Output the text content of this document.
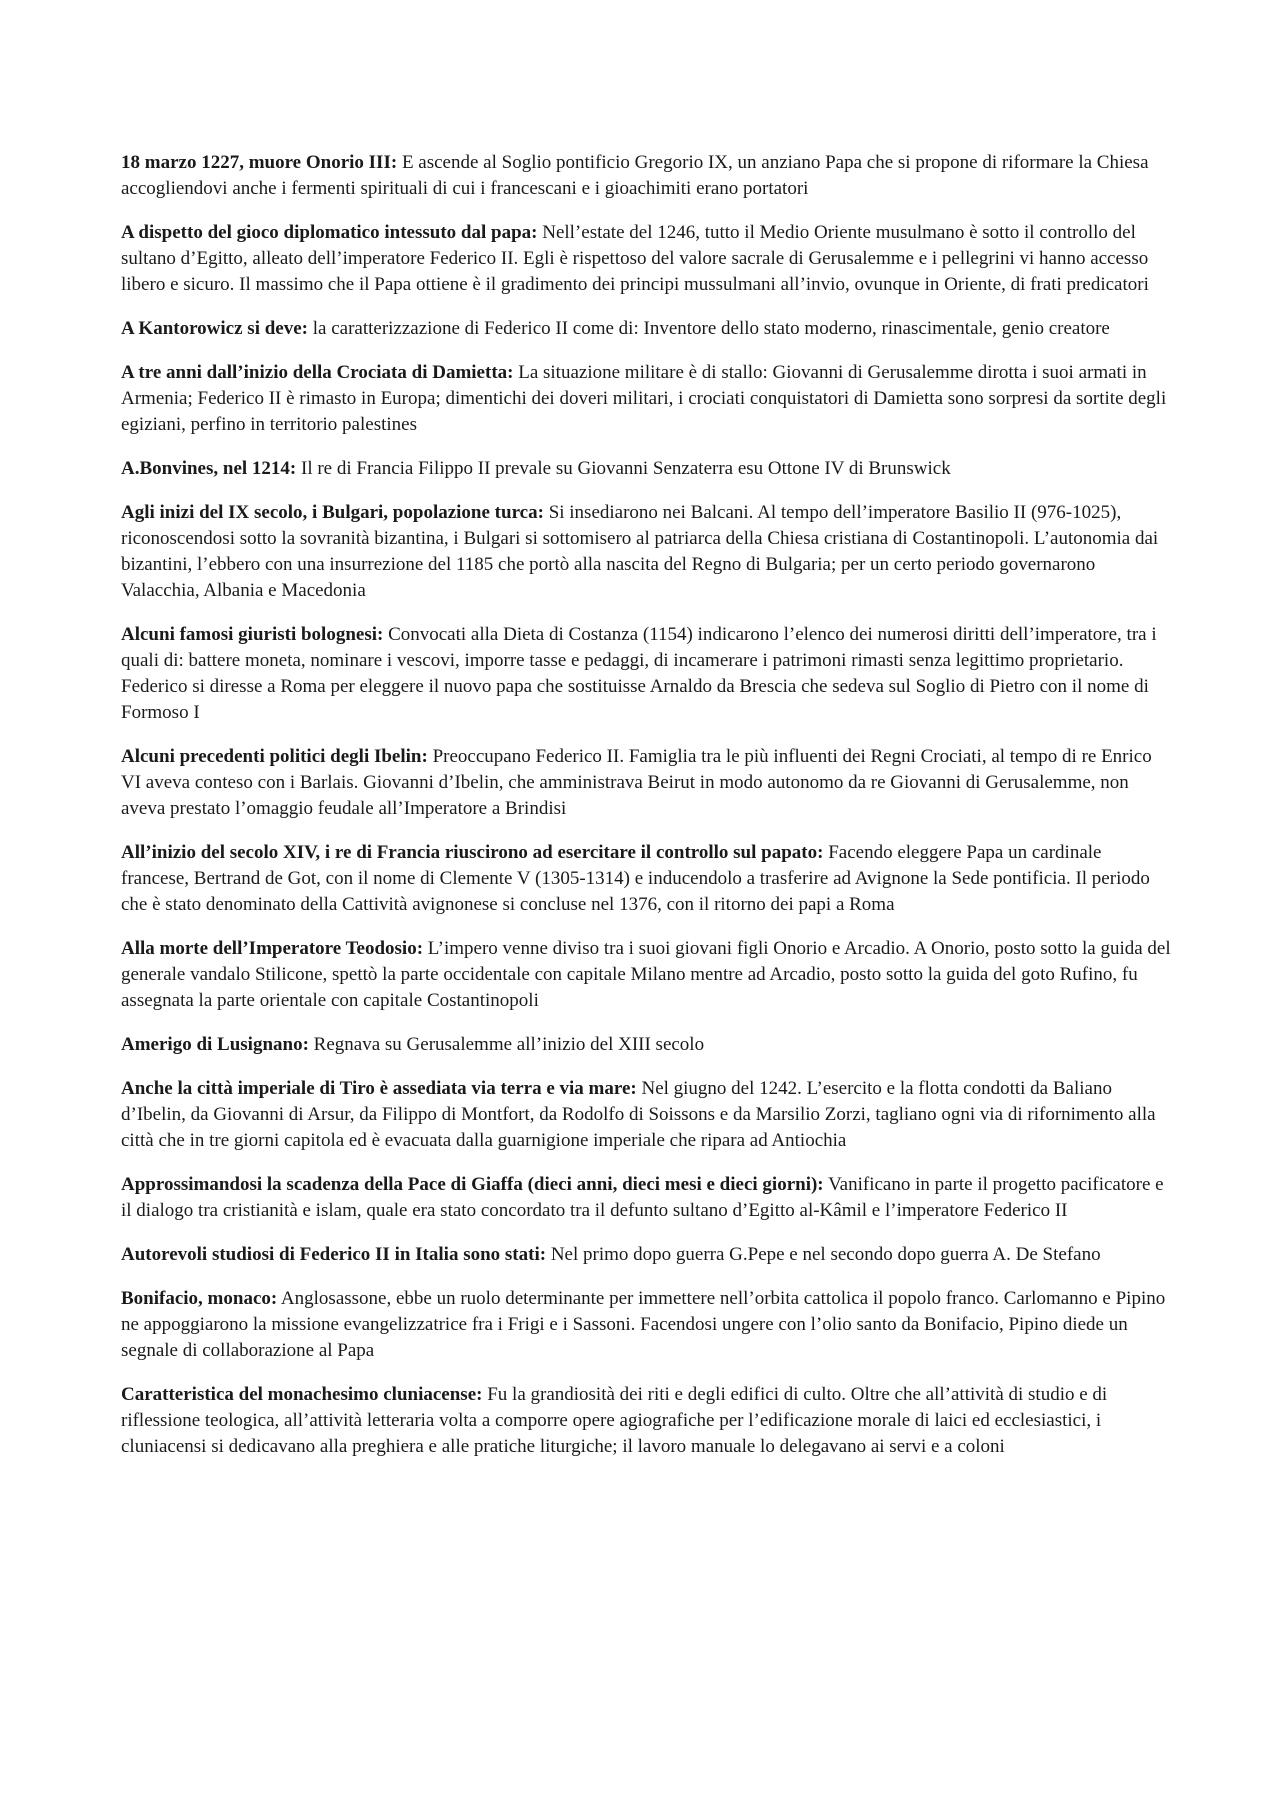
18 marzo 1227, muore Onorio III: E ascende al Soglio pontificio Gregorio IX, un anziano Papa che si propone di riformare la Chiesa accogliendovi anche i fermenti spirituali di cui i francescani e i gioachimiti erano portatori

A dispetto del gioco diplomatico intessuto dal papa: Nell’estate del 1246, tutto il Medio Oriente musulmano è sotto il controllo del sultano d’Egitto, alleato dell’imperatore Federico II. Egli è rispettoso del valore sacrale di Gerusalemme e i pellegrini vi hanno accesso libero e sicuro. Il massimo che il Papa ottiene è il gradimento dei principi mussulmani all’invio, ovunque in Oriente, di frati predicatori

A Kantorowicz si deve: la caratterizzazione di Federico II come di: Inventore dello stato moderno, rinascimentale, genio creatore

A tre anni dall’inizio della Crociata di Damietta: La situazione militare è di stallo: Giovanni di Gerusalemme dirotta i suoi armati in Armenia; Federico II è rimasto in Europa; dimentichi dei doveri militari, i crociati conquistatori di Damietta sono sorpresi da sortite degli egiziani, perfino in territorio palestines

A.Bonvines, nel 1214: Il re di Francia Filippo II prevale su Giovanni Senzaterra esu Ottone IV di Brunswick

Agli inizi del IX secolo, i Bulgari, popolazione turca: Si insediarono nei Balcani. Al tempo dell’imperatore Basilio II (976-1025), riconoscendosi sotto la sovranità bizantina, i Bulgari si sottomisero al patriarca della Chiesa cristiana di Costantinopoli. L’autonomia dai bizantini, l’ebbero con una insurrezione del 1185 che portò alla nascita del Regno di Bulgaria; per un certo periodo governarono Valacchia, Albania e Macedonia

Alcuni famosi giuristi bolognesi: Convocati alla Dieta di Costanza (1154) indicarono l’elenco dei numerosi diritti dell’imperatore, tra i quali di: battere moneta, nominare i vescovi, imporre tasse e pedaggi, di incamerare i patrimoni rimasti senza legittimo proprietario. Federico si diresse a Roma per eleggere il nuovo papa che sostituisse Arnaldo da Brescia che sedeva sul Soglio di Pietro con il nome di Formoso I

Alcuni precedenti politici degli Ibelin: Preoccupano Federico II. Famiglia tra le più influenti dei Regni Crociati, al tempo di re Enrico VI aveva conteso con i Barlais. Giovanni d’Ibelin, che amministrava Beirut in modo autonomo da re Giovanni di Gerusalemme, non aveva prestato l’omaggio feudale all’Imperatore a Brindisi

All’inizio del secolo XIV, i re di Francia riuscirono ad esercitare il controllo sul papato: Facendo eleggere Papa un cardinale francese, Bertrand de Got, con il nome di Clemente V (1305-1314) e inducendolo a trasferire ad Avignone la Sede pontificia. Il periodo che è stato denominato della Cattività avignonese si concluse nel 1376, con il ritorno dei papi a Roma

Alla morte dell’Imperatore Teodosio: L’impero venne diviso tra i suoi giovani figli Onorio e Arcadio. A Onorio, posto sotto la guida del generale vandalo Stilicone, spettò la parte occidentale con capitale Milano mentre ad Arcadio, posto sotto la guida del goto Rufino, fu assegnata la parte orientale con capitale Costantinopoli

Amerigo di Lusignano: Regnava su Gerusalemme all’inizio del XIII secolo

Anche la città imperiale di Tiro è assediata via terra e via mare: Nel giugno del 1242. L’esercito e la flotta condotti da Baliano d’Ibelin, da Giovanni di Arsur, da Filippo di Montfort, da Rodolfo di Soissons e da Marsilio Zorzi, tagliano ogni via di rifornimento alla città che in tre giorni capitola ed è evacuata dalla guarnigione imperiale che ripara ad Antiochia

Approssimandosi la scadenza della Pace di Giaffa (dieci anni, dieci mesi e dieci giorni): Vanificano in parte il progetto pacificatore e il dialogo tra cristianità e islam, quale era stato concordato tra il defunto sultano d’Egitto al-Kâmil e l’imperatore Federico II

Autorevoli studiosi di Federico II in Italia sono stati: Nel primo dopo guerra G.Pepe e nel secondo dopo guerra A. De Stefano

Bonifacio, monaco: Anglosassone, ebbe un ruolo determinante per immettere nell’orbita cattolica il popolo franco. Carlomanno e Pipino ne appoggiarono la missione evangelizzatrice fra i Frigi e i Sassoni. Facendosi ungere con l’olio santo da Bonifacio, Pipino diede un segnale di collaborazione al Papa

Caratteristica del monachesimo cluniacense: Fu la grandiosità dei riti e degli edifici di culto. Oltre che all’attività di studio e di riflessione teologica, all’attività letteraria volta a comporre opere agiografiche per l’edificazione morale di laici ed ecclesiastici, i cluniacensi si dedicavano alla preghiera e alle pratiche liturgiche; il lavoro manuale lo delegavano ai servi e a coloni
